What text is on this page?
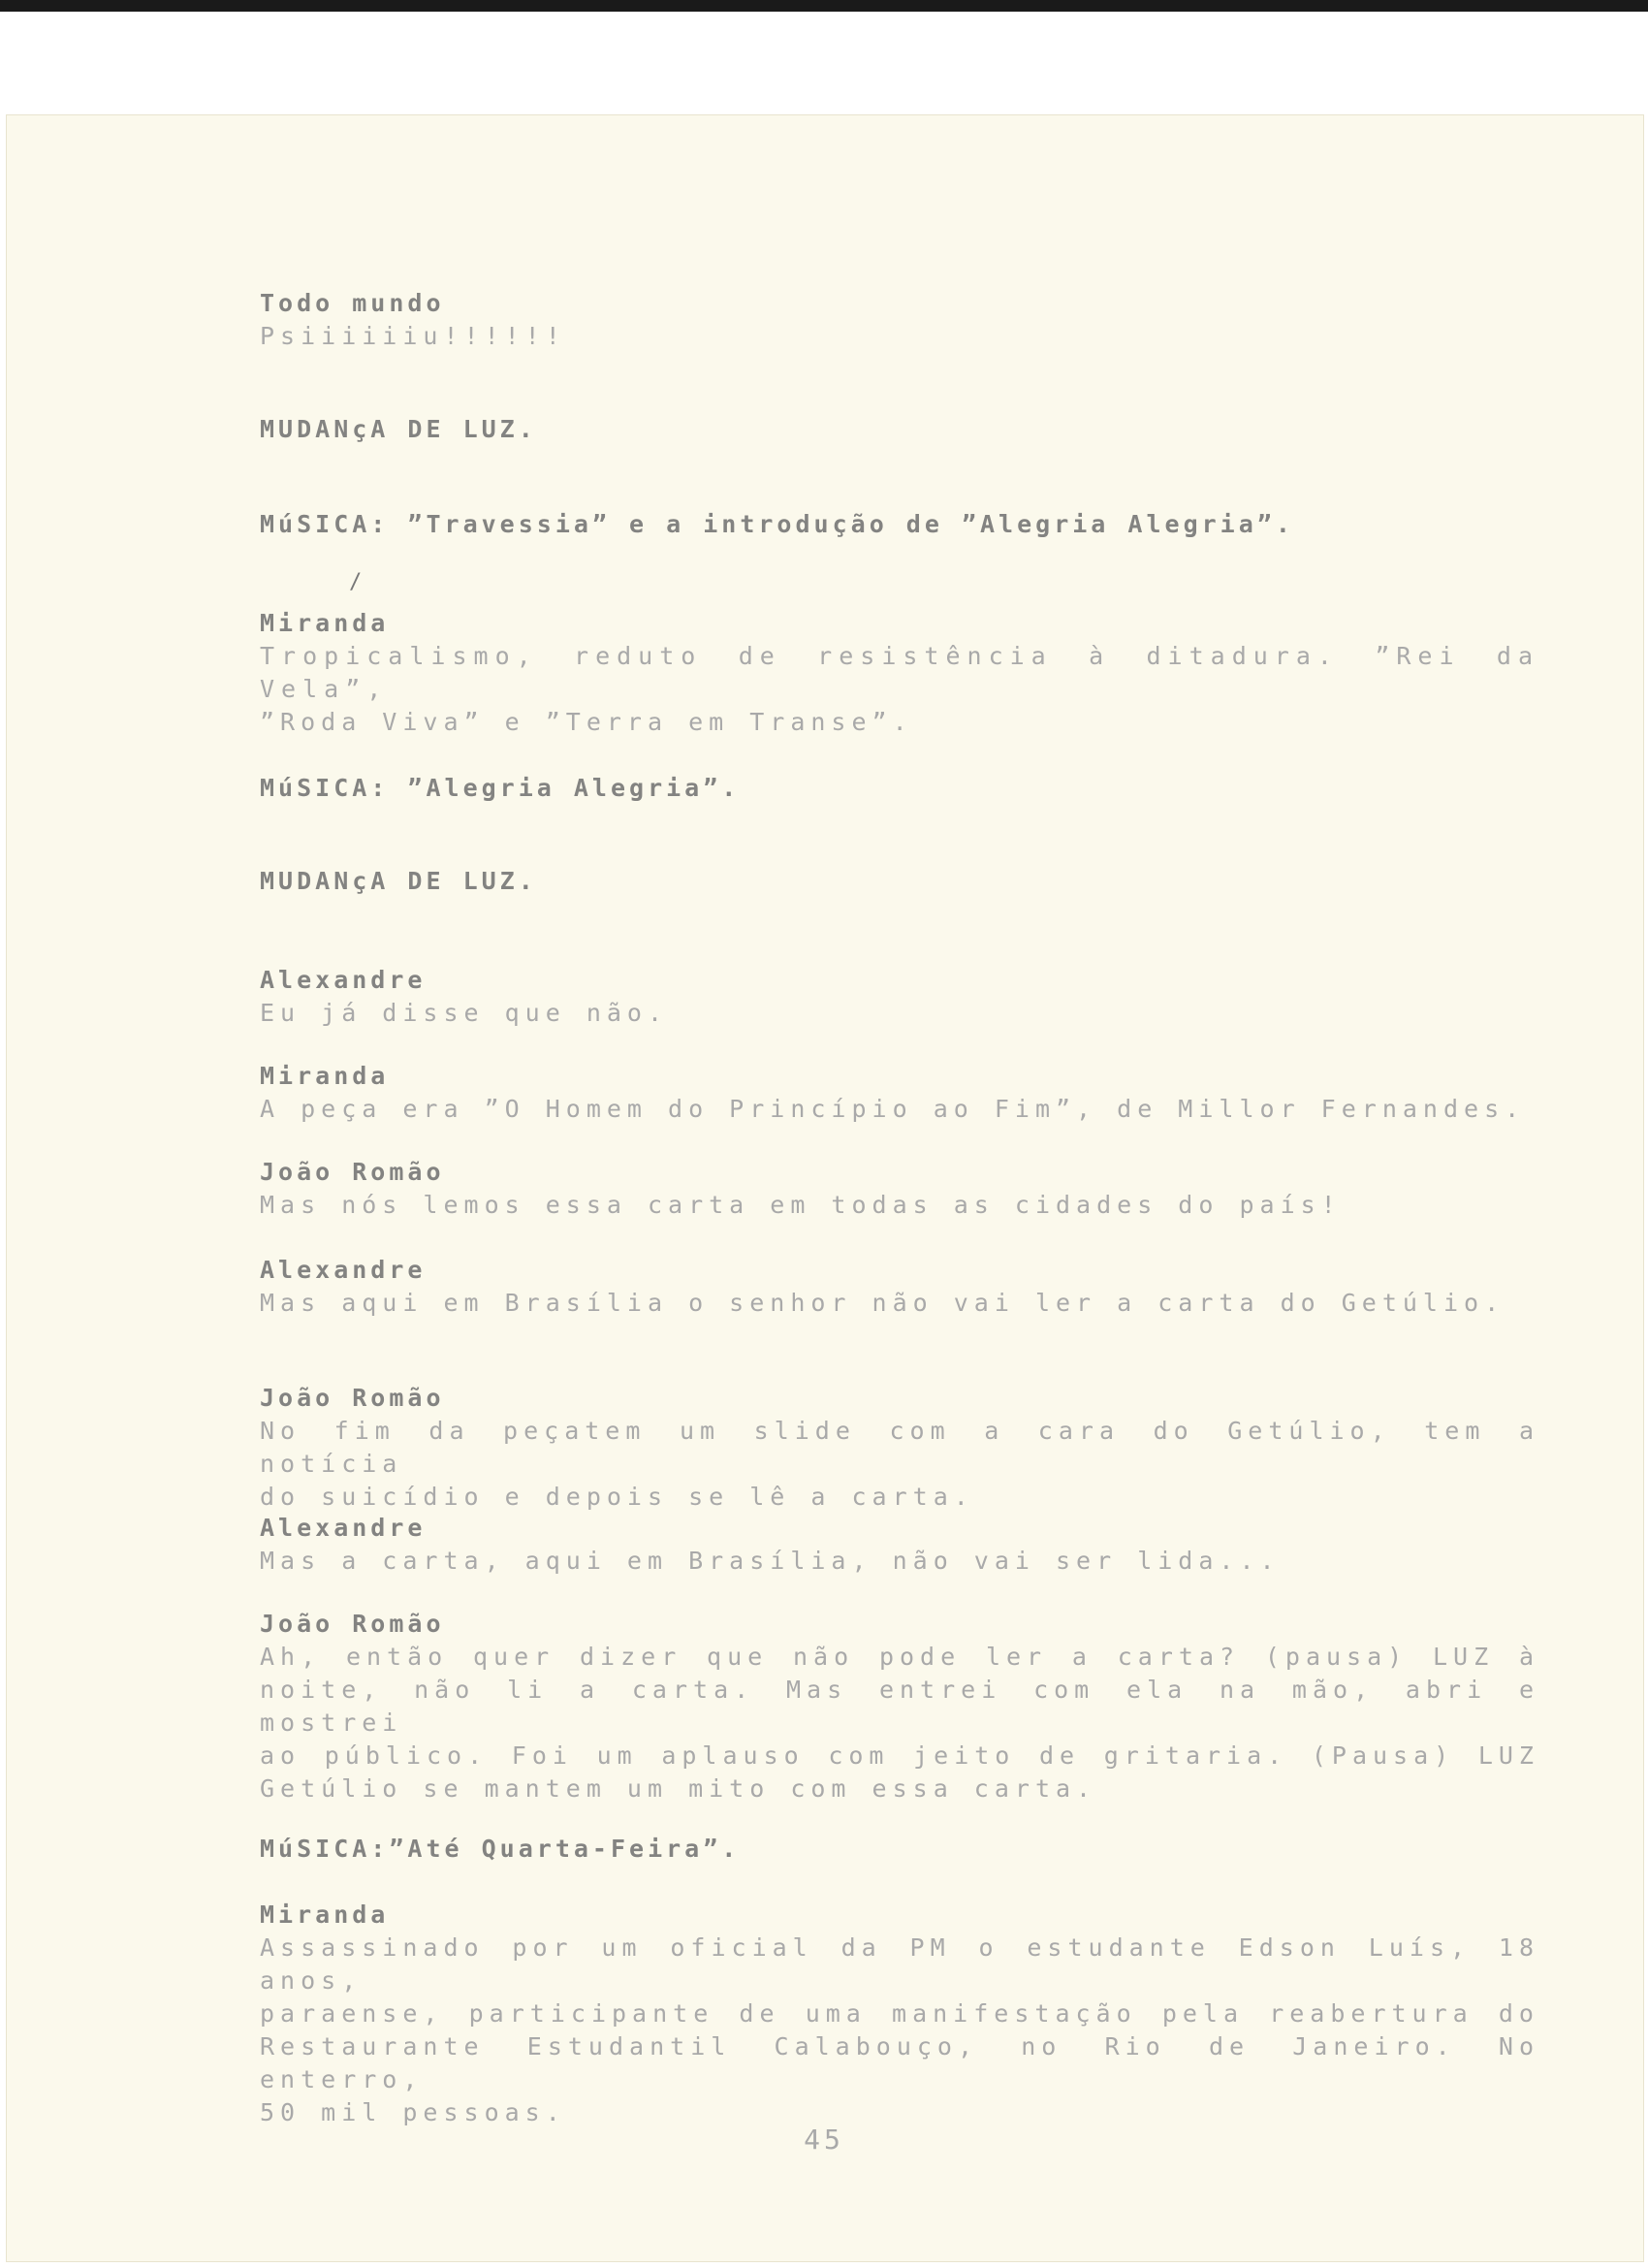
Todo mundo

Psiiiiiiu!!!!!!

MUDANçA DE LUZ.

MúSICA: ”Travessia” e a introdução de ”Alegria Alegria”.

/

Miranda

Tropicalismo, reduto de resistência à ditadura. ”Rei da Vela”,

”Roda Viva” e ”Terra em Transe”.

MúSICA: ”Alegria Alegria”.

MUDANçA DE LUZ.

Alexandre

Eu já disse que não.

Miranda

A peça era ”O Homem do Princípio ao Fim”, de Millor Fernandes.

João Romão

Mas nós lemos essa carta em todas as cidades do país!

Alexandre

Mas aqui em Brasília o senhor não vai ler a carta do Getúlio.

João Romão

No fim da peçatem um slide com a cara do Getúlio, tem a notícia

do suicídio e depois se lê a carta.

Alexandre

Mas a carta, aqui em Brasília, não vai ser lida...

João Romão

Ah, então quer dizer que não pode ler a carta? (pausa) LUZ à

noite, não li a carta. Mas entrei com ela na mão, abri e mostrei

ao público. Foi um aplauso com jeito de gritaria. (Pausa) LUZ

Getúlio se mantem um mito com essa carta.

MúSICA:”Até Quarta-Feira”.

Miranda

Assassinado por um oficial da PM o estudante Edson Luís, 18 anos,

paraense, participante de uma manifestação pela reabertura do

Restaurante Estudantil Calabouço, no Rio de Janeiro. No enterro,

50 mil pessoas.

45
